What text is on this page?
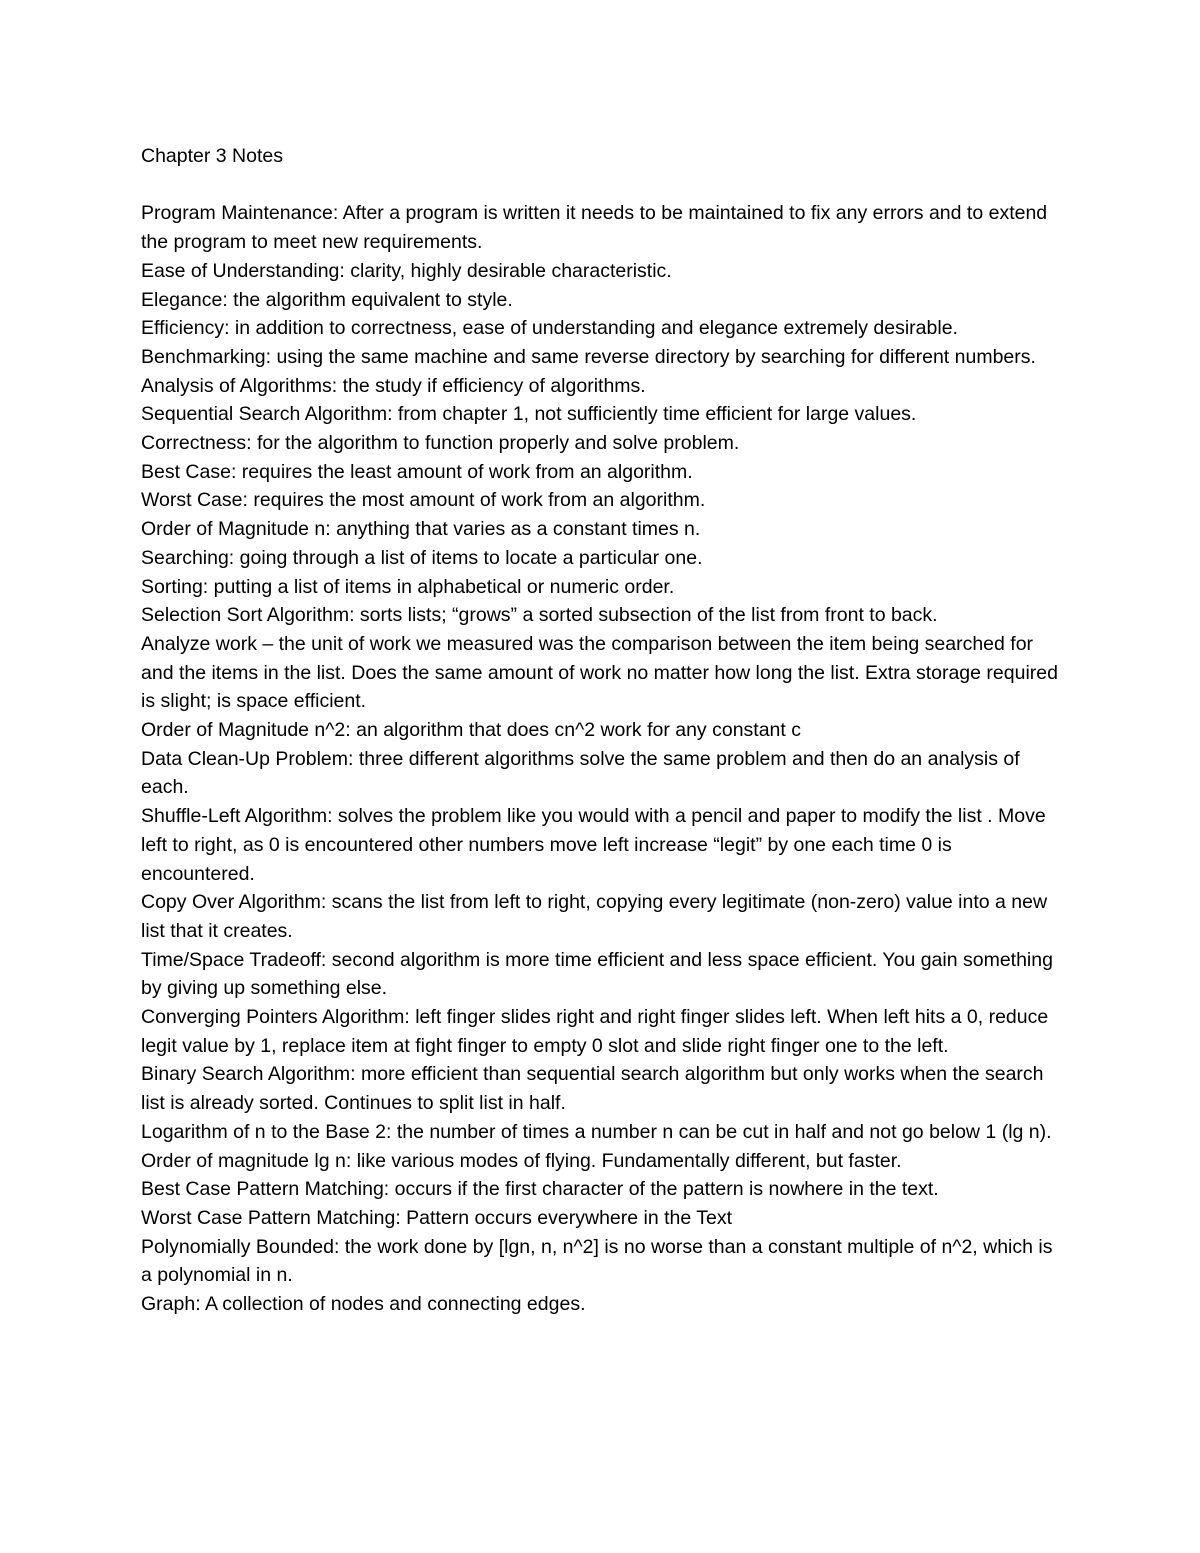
Chapter 3 Notes

Program Maintenance: After a program is written it needs to be maintained to fix any errors and to extend the program to meet new requirements.

Ease of Understanding: clarity, highly desirable characteristic.

Elegance: the algorithm equivalent to style.

Efficiency: in addition to correctness, ease of understanding and elegance extremely desirable.

Benchmarking: using the same machine and same reverse directory by searching for different numbers.

Analysis of Algorithms: the study if efficiency of algorithms.

Sequential Search Algorithm: from chapter 1, not sufficiently time efficient for large values.

Correctness: for the algorithm to function properly and solve problem.

Best Case: requires the least amount of work from an algorithm.

Worst Case: requires the most amount of work from an algorithm.

Order of Magnitude n: anything that varies as a constant times n.

Searching: going through a list of items to locate a particular one.

Sorting: putting a list of items in alphabetical or numeric order.

Selection Sort Algorithm: sorts lists; “grows” a sorted subsection of the list from front to back.

Analyze work – the unit of work we measured was the comparison between the item being searched for and the items in the list. Does the same amount of work no matter how long the list. Extra storage required is slight; is space efficient.

Order of Magnitude n^2: an algorithm that does cn^2 work for any constant c

Data Clean-Up Problem: three different algorithms solve the same problem and then do an analysis of each.

Shuffle-Left Algorithm: solves the problem like you would with a pencil and paper to modify the list . Move left to right, as 0 is encountered other numbers move left increase “legit” by one each time 0 is encountered.

Copy Over Algorithm: scans the list from left to right, copying every legitimate (non-zero) value into a new list that it creates.

Time/Space Tradeoff: second algorithm is more time efficient and less space efficient. You gain something by giving up something else.

Converging Pointers Algorithm: left finger slides right and right finger slides left. When left hits a 0, reduce legit value by 1, replace item at fight finger to empty 0 slot and slide right finger one to the left.

Binary Search Algorithm: more efficient than sequential search algorithm but only works when the search list is already sorted. Continues to split list in half.

Logarithm of n to the Base 2: the number of times a number n can be cut in half and not go below 1 (lg n).

Order of magnitude lg n: like various modes of flying. Fundamentally different, but faster.

Best Case Pattern Matching: occurs if the first character of the pattern is nowhere in the text.

Worst Case Pattern Matching: Pattern occurs everywhere in the Text

Polynomially Bounded: the work done by [lgn, n, n^2] is no worse than a constant multiple of n^2, which is a polynomial in n.

Graph: A collection of nodes and connecting edges.
